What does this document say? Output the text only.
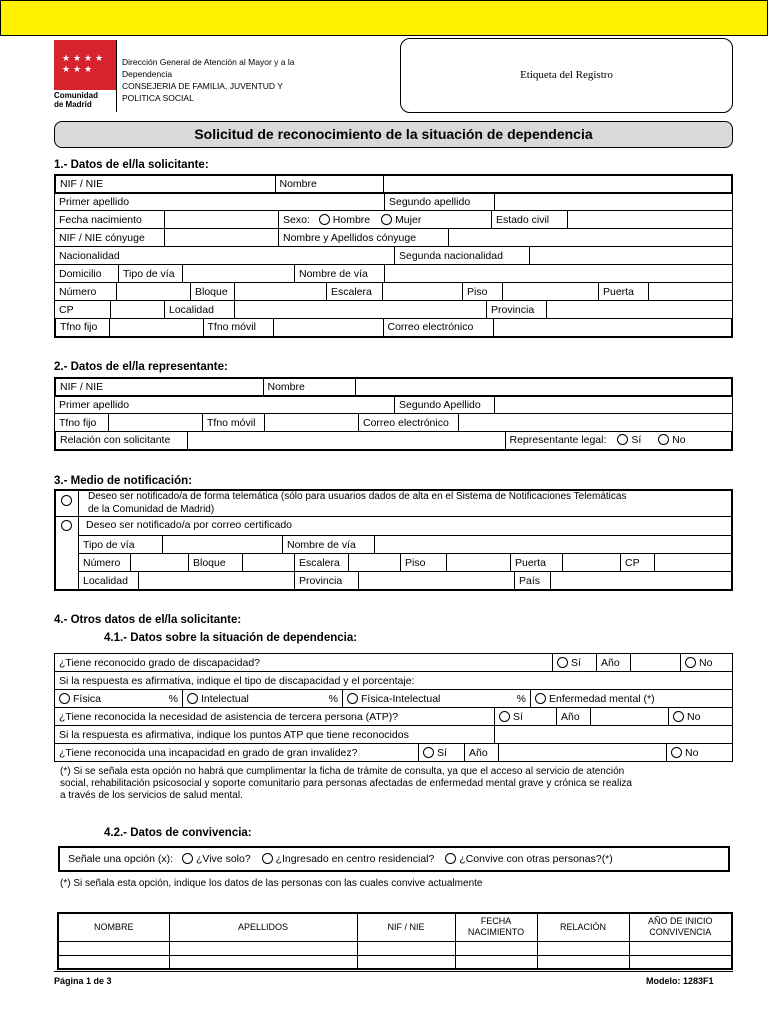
★ ★ ★ ★
★ ★ ★
Comunidad
de Madrid
Dirección General de Atención al Mayor y a la
Dependencia
CONSEJERIA DE FAMILIA, JUVENTUD Y
POLITICA SOCIAL
Etiqueta del Registro
Solicitud de reconocimiento de la situación de dependencia
1.- Datos de el/la solicitante:
NIF / NIE	Nombre	
Primer apellido	Segundo apellido	
Fecha nacimiento		Sexo: Hombre Mujer	Estado civil	
NIF / NIE cónyuge		Nombre y Apellidos cónyuge	
Nacionalidad	Segunda nacionalidad	
Domicilio	Tipo de vía		Nombre de vía	
Número		Bloque		Escalera		Piso		Puerta	
CP		Localidad		Provincia	
Tfno fijo		Tfno móvil		Correo electrónico	
2.- Datos de el/la representante:
NIF / NIE	Nombre	
Primer apellido	Segundo Apellido	
Tfno fijo		Tfno móvil		Correo electrónico	
Relación con solicitante		Representante legal: Sí	No
3.- Medio de notificación:
Deseo ser notificado/a de forma telemática (sólo para usuarios dados de alta en el Sistema de Notificaciones Telemáticas
de la Comunidad de Madrid)
Deseo ser notificado/a por correo certificado
Tipo de vía		Nombre de vía	
Número		Bloque		Escalera		Piso		Puerta		CP	
Localidad		Provincia		País	
4.- Otros datos de el/la solicitante:
4.1.- Datos sobre la situación de dependencia:
¿Tiene reconocido grado de discapacidad?	Sí	Año		No
Si la respuesta es afirmativa, indique el tipo de discapacidad y el porcentaje:
Física	%	Intelectual	%	Física-Intelectual	%	Enfermedad mental (*)
¿Tiene reconocida la necesidad de asistencia de tercera persona (ATP)?	Sí	Año		No
Si la respuesta es afirmativa, indique los puntos ATP que tiene reconocidos	
¿Tiene reconocida una incapacidad en grado de gran invalidez?	Sí	Año		No
(*) Si se señala esta opción no habrá que cumplimentar la ficha de trámite de consulta, ya que el acceso al servicio de atención
social, rehabilitación psicosocial y soporte comunitario para personas afectadas de enfermedad mental grave y crónica se realiza
a través de los servicios de salud mental.
4.2.- Datos de convivencia:
Señale una opción (x): ¿Vive solo? ¿Ingresado en centro residencial? ¿Convive con otras personas?(*)
(*) Si señala esta opción, indique los datos de las personas con las cuales convive actualmente
NOMBRE	APELLIDOS	NIF / NIE	FECHA NACIMIENTO	RELACIÓN	AÑO DE INICIO CONVIVENCIA

Página 1 de 3	Modelo: 1283F1
